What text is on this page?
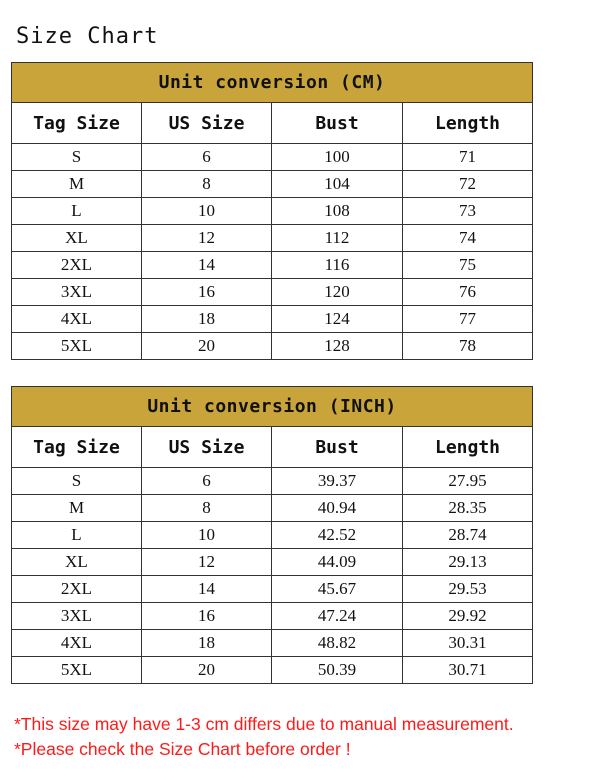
Size Chart
Unit conversion (CM)			
Tag Size	US Size	Bust	Length
S	6	100	71
M	8	104	72
L	10	108	73
XL	12	112	74
2XL	14	116	75
3XL	16	120	76
4XL	18	124	77
5XL	20	128	78
Unit conversion (INCH)			
Tag Size	US Size	Bust	Length
S	6	39.37	27.95
M	8	40.94	28.35
L	10	42.52	28.74
XL	12	44.09	29.13
2XL	14	45.67	29.53
3XL	16	47.24	29.92
4XL	18	48.82	30.31
5XL	20	50.39	30.71
*This size may have 1-3 cm differs due to manual measurement.
*Please check the Size Chart before order !
